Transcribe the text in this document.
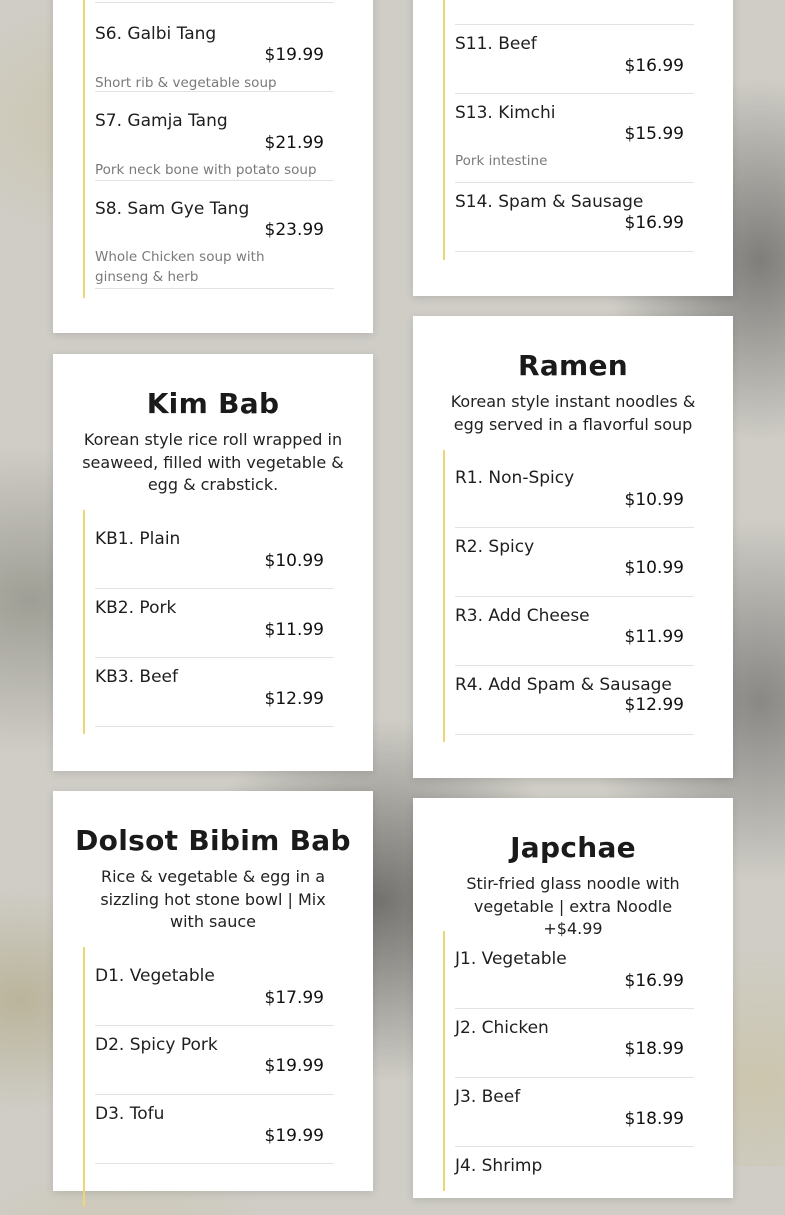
S6. Galbi Tang
$19.99
Short rib & vegetable soup
S7. Gamja Tang
$21.99
Pork neck bone with potato soup
S8. Sam Gye Tang
$23.99
Whole Chicken soup with ginseng & herb
S11. Beef
$16.99
S13. Kimchi
$15.99
Pork intestine
S14. Spam & Sausage
$16.99
Kim Bab

Korean style rice roll wrapped in seaweed, filled with vegetable & egg & crabstick.

KB1. Plain
$10.99
KB2. Pork
$11.99
KB3. Beef
$12.99
Ramen

Korean style instant noodles & egg served in a flavorful soup

R1. Non-Spicy
$10.99
R2. Spicy
$10.99
R3. Add Cheese
$11.99
R4. Add Spam & Sausage
$12.99
Dolsot Bibim Bab

Rice & vegetable & egg in a sizzling hot stone bowl | Mix with sauce

D1. Vegetable
$17.99
D2. Spicy Pork
$19.99
D3. Tofu
$19.99
Japchae

Stir-fried glass noodle with vegetable | extra Noodle +$4.99

J1. Vegetable
$16.99
J2. Chicken
$18.99
J3. Beef
$18.99
J4. Shrimp
